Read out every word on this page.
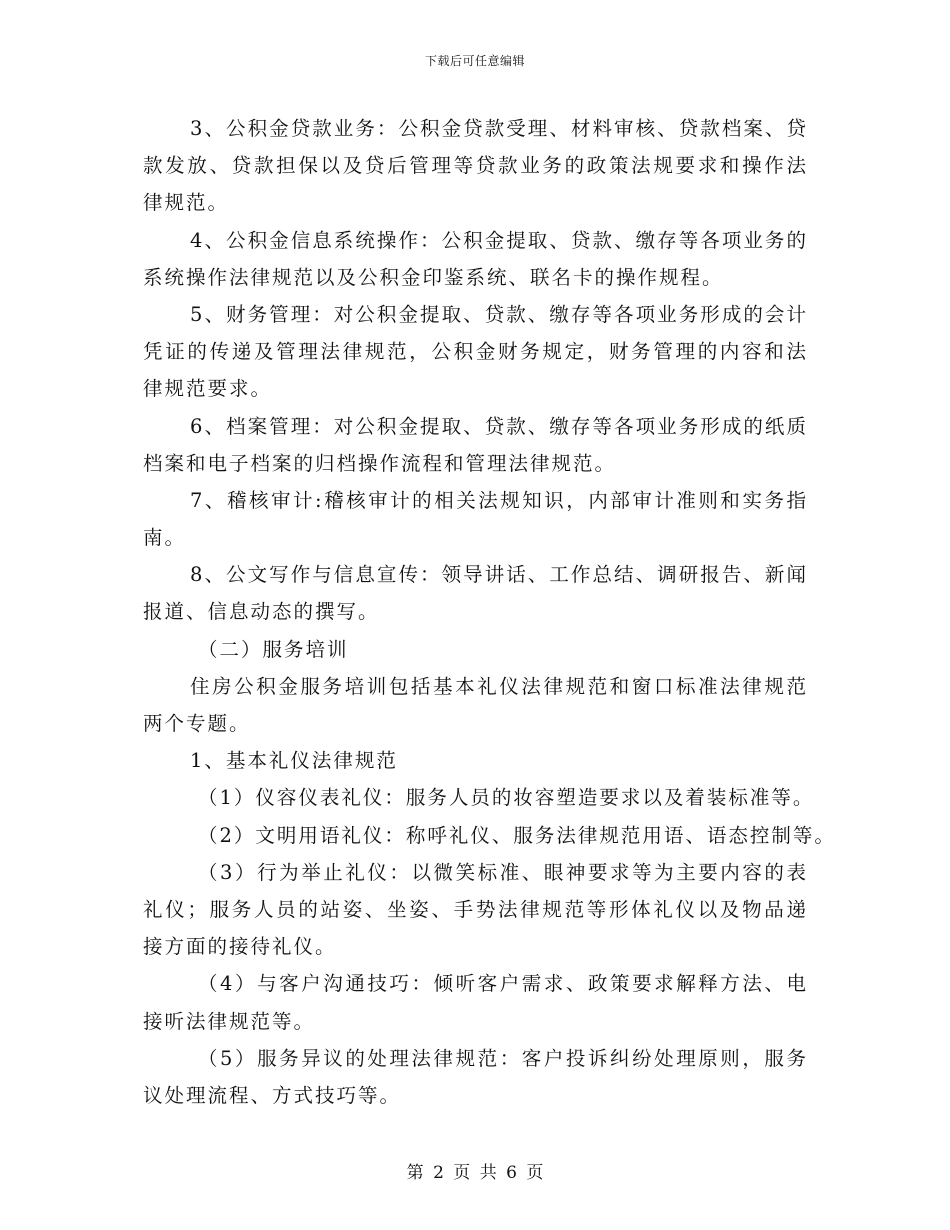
下载后可任意编辑
3、公积金贷款业务：公积金贷款受理、材料审核、贷款档案、贷
款发放、贷款担保以及贷后管理等贷款业务的政策法规要求和操作法
律规范。
4、公积金信息系统操作：公积金提取、贷款、缴存等各项业务的
系统操作法律规范以及公积金印鉴系统、联名卡的操作规程。
5、财务管理：对公积金提取、贷款、缴存等各项业务形成的会计
凭证的传递及管理法律规范，公积金财务规定，财务管理的内容和法
律规范要求。
6、档案管理：对公积金提取、贷款、缴存等各项业务形成的纸质
档案和电子档案的归档操作流程和管理法律规范。
7、稽核审计:稽核审计的相关法规知识，内部审计准则和实务指
南。
8、公文写作与信息宣传：领导讲话、工作总结、调研报告、新闻
报道、信息动态的撰写。
（二）服务培训
住房公积金服务培训包括基本礼仪法律规范和窗口标准法律规范
两个专题。
1、基本礼仪法律规范
（1）仪容仪表礼仪：服务人员的妆容塑造要求以及着装标准等。
（2）文明用语礼仪：称呼礼仪、服务法律规范用语、语态控制等。
（3）行为举止礼仪：以微笑标准、眼神要求等为主要内容的表
礼仪；服务人员的站姿、坐姿、手势法律规范等形体礼仪以及物品递
接方面的接待礼仪。
（4）与客户沟通技巧：倾听客户需求、政策要求解释方法、电
接听法律规范等。
（5）服务异议的处理法律规范：客户投诉纠纷处理原则，服务
议处理流程、方式技巧等。
第 2 页 共 6 页
